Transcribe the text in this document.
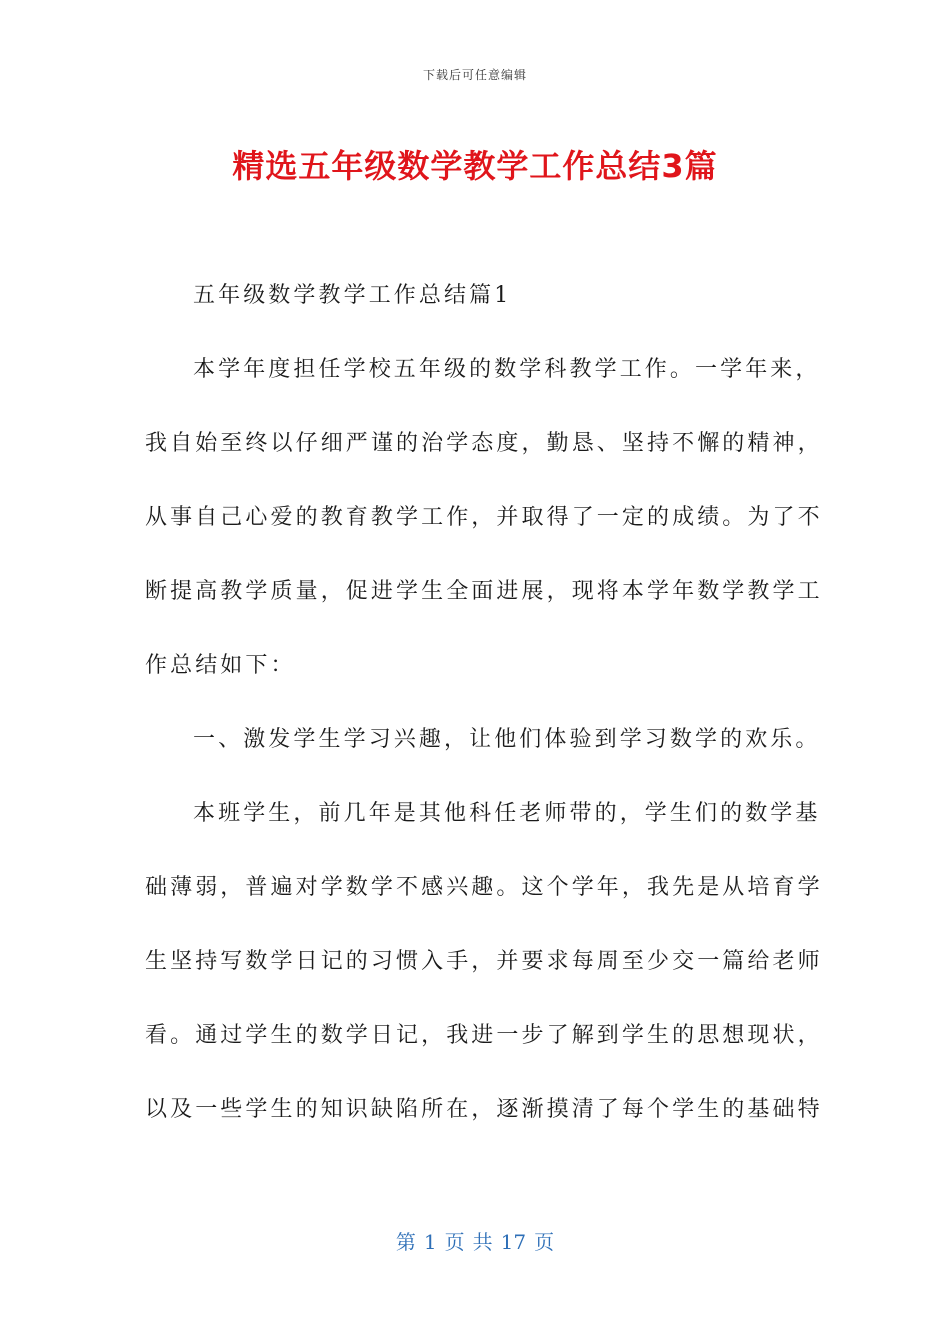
下载后可任意编辑
精选五年级数学教学工作总结3篇
五年级数学教学工作总结篇1
本学年度担任学校五年级的数学科教学工作。一学年来，
我自始至终以仔细严谨的治学态度，勤恳、坚持不懈的精神，
从事自己心爱的教育教学工作，并取得了一定的成绩。为了不
断提高教学质量，促进学生全面进展，现将本学年数学教学工
作总结如下：
一、激发学生学习兴趣，让他们体验到学习数学的欢乐。
本班学生，前几年是其他科任老师带的，学生们的数学基
础薄弱，普遍对学数学不感兴趣。这个学年，我先是从培育学
生坚持写数学日记的习惯入手，并要求每周至少交一篇给老师
看。通过学生的数学日记，我进一步了解到学生的思想现状，
以及一些学生的知识缺陷所在，逐渐摸清了每个学生的基础特
第 1 页 共 17 页
